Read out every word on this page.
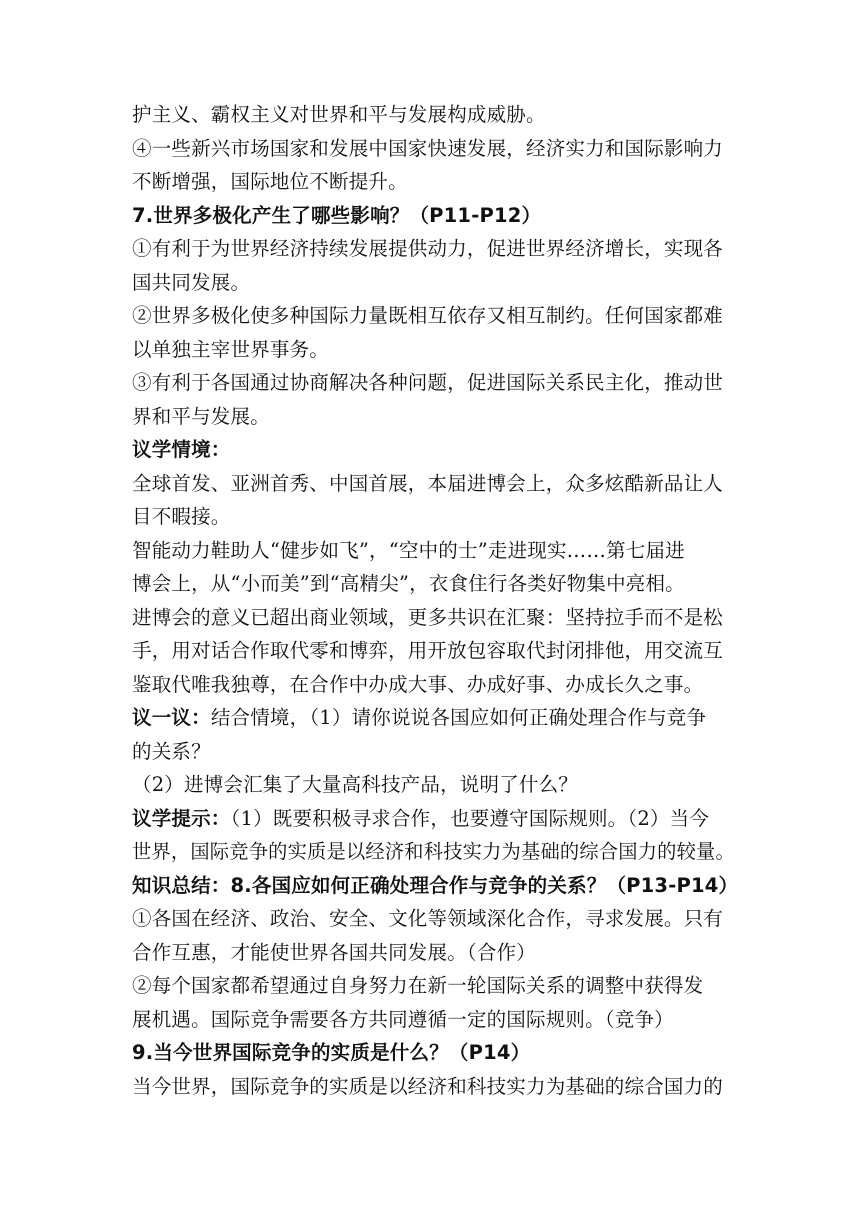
护主义、霸权主义对世界和平与发展构成威胁。
④一些新兴市场国家和发展中国家快速发展，经济实力和国际影响力
不断增强，国际地位不断提升。
7.世界多极化产生了哪些影响？（P11-P12）
①有利于为世界经济持续发展提供动力，促进世界经济增长，实现各
国共同发展。
②世界多极化使多种国际力量既相互依存又相互制约。任何国家都难
以单独主宰世界事务。
③有利于各国通过协商解决各种问题，促进国际关系民主化，推动世
界和平与发展。
议学情境：
全球首发、亚洲首秀、中国首展，本届进博会上，众多炫酷新品让人
目不暇接。
智能动力鞋助人“健步如飞”，“空中的士”走进现实……第七届进
博会上，从“小而美”到“高精尖”，衣食住行各类好物集中亮相。
进博会的意义已超出商业领域，更多共识在汇聚：坚持拉手而不是松
手，用对话合作取代零和博弈，用开放包容取代封闭排他，用交流互
鉴取代唯我独尊，在合作中办成大事、办成好事、办成长久之事。
议一议：结合情境，（1）请你说说各国应如何正确处理合作与竞争
的关系？
（2）进博会汇集了大量高科技产品，说明了什么？
议学提示：（1）既要积极寻求合作，也要遵守国际规则。（2）当今
世界，国际竞争的实质是以经济和科技实力为基础的综合国力的较量。
知识总结：8.各国应如何正确处理合作与竞争的关系？（P13-P14）
①各国在经济、政治、安全、文化等领域深化合作，寻求发展。只有
合作互惠，才能使世界各国共同发展。（合作）
②每个国家都希望通过自身努力在新一轮国际关系的调整中获得发
展机遇。国际竞争需要各方共同遵循一定的国际规则。（竞争）
9.当今世界国际竞争的实质是什么？（P14）
当今世界，国际竞争的实质是以经济和科技实力为基础的综合国力的
